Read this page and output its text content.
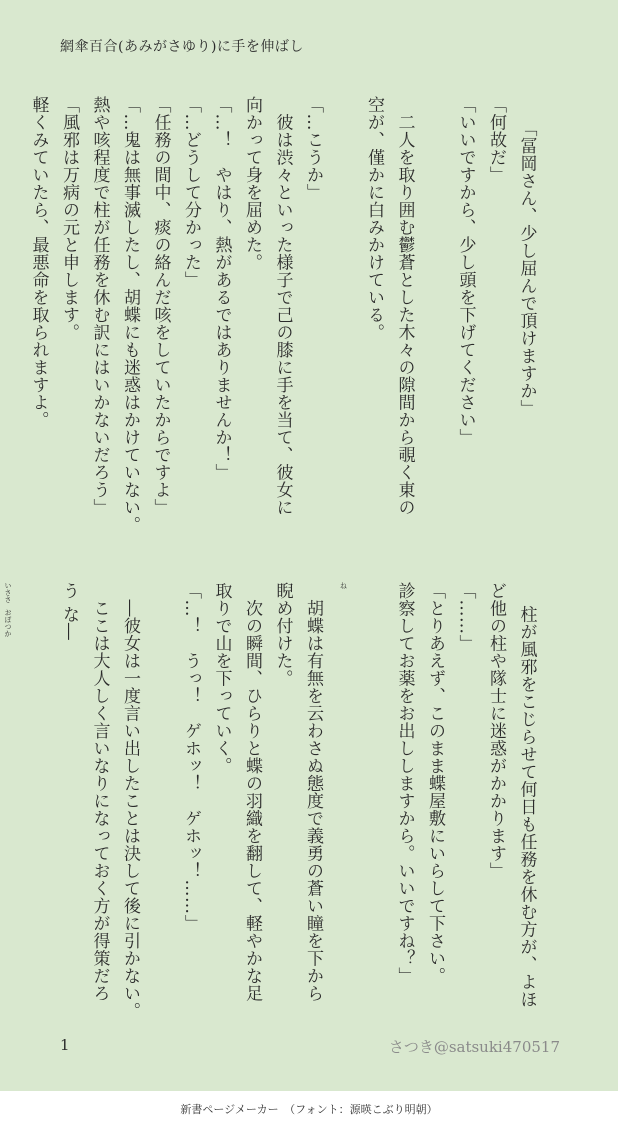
網傘百合(あみがさゆり)に手を伸ばし

「冨岡さん、少し屈んで頂けますか」
「何故だ」
「いいですから、少し頭を下げてください」

　二人を取り囲む鬱蒼とした木々の隙間から覗く東の
空が、僅かに白みかけている。

「…こうか」
　彼は渋々といった様子で己の膝に手を当て、彼女に
向かって身を屈めた。
「…！　やはり、熱があるではありませんか！」
「…どうして分かった」
「任務の間中、痰の絡んだ咳をしていたからですよ」
「…鬼は無事滅したし、胡蝶にも迷惑はかけていない。
熱や咳程度で柱が任務を休む訳にはいかないだろう」
「風邪は万病の元と申します。
軽くみていたら、最悪命を取られますよ。

柱が風邪をこじらせて何日も任務を休む方が、よほ
ど他の柱や隊士に迷惑がかかります」
「……」
「とりあえず、このまま蝶屋敷にいらして下さい。
診察してお薬をお出ししますから。いいですね？」

ね
　胡蝶は有無を云わさぬ態度で義勇の蒼い瞳を下から
睨め付けた。
　次の瞬間、ひらりと蝶の羽織を翻して、軽やかな足
取りで山を下っていく。
「…！　うっ！　ゲホッ！　ゲホッ！……」

　―彼女は一度言い出したことは決して後に引かない。
　ここは大人しく言いなりになっておく方が得策だろ
う な―

いささ おぼつか

1	さつき@satsuki470517
新書ページメーカー　（フォント：源暎こぶり明朝）
